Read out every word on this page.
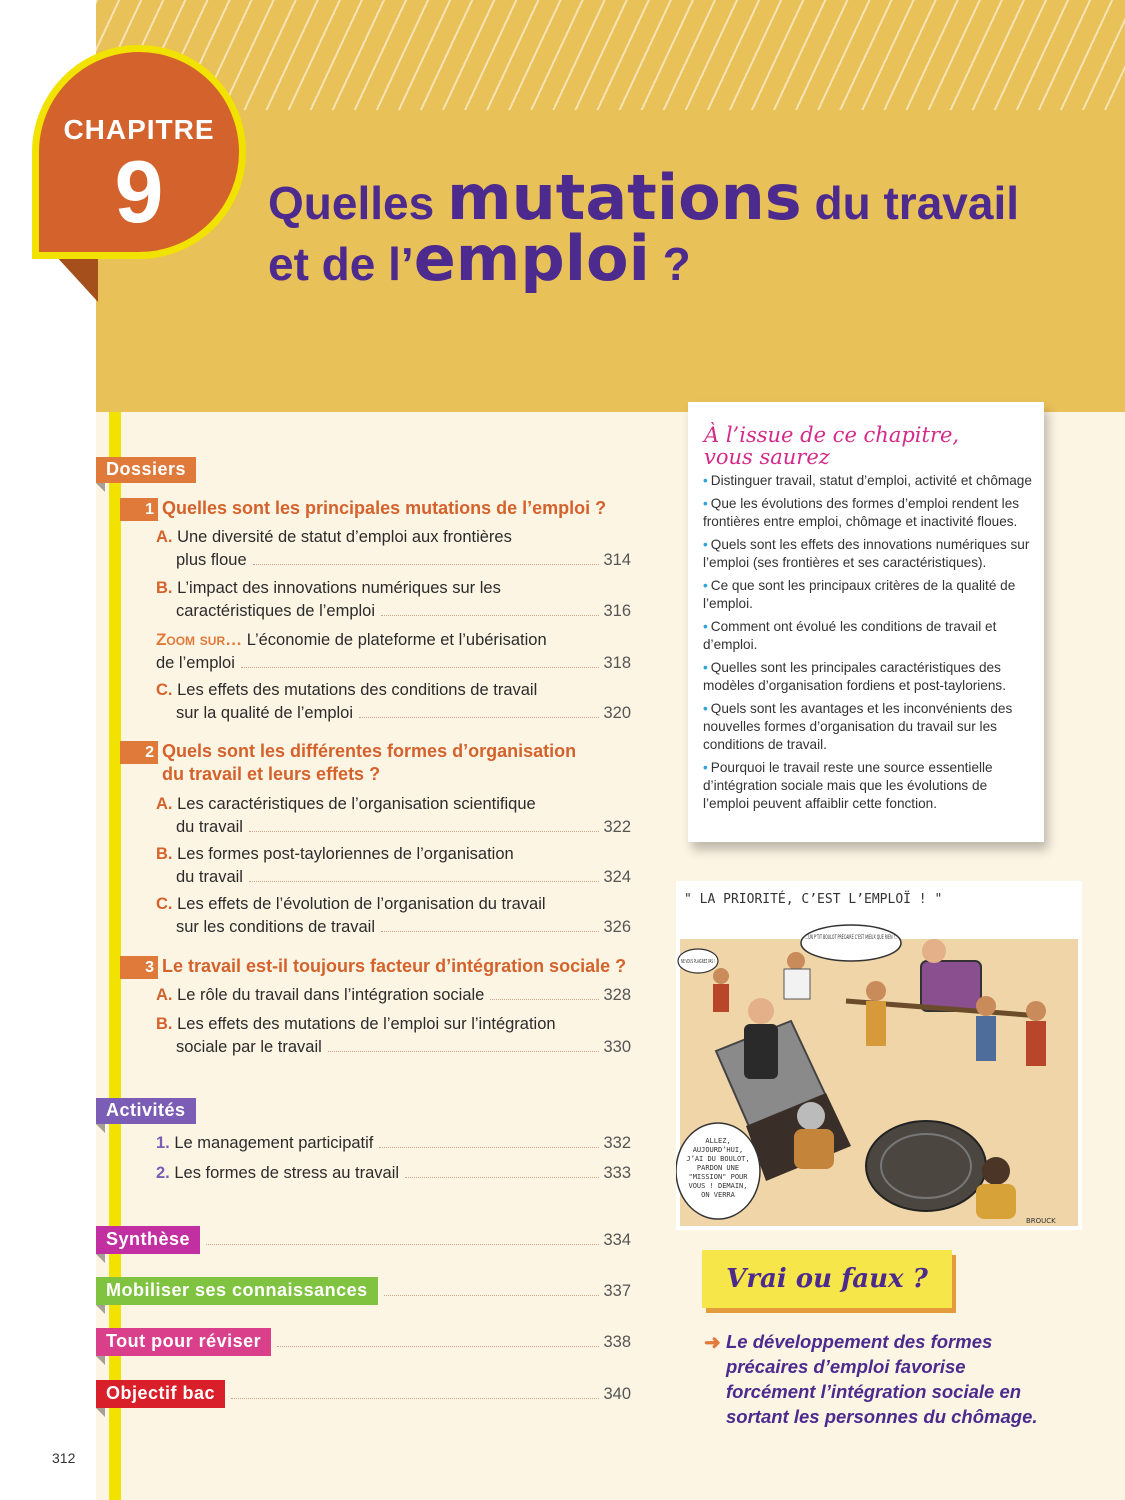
CHAPITRE
9	Quelles mutations du travail
et de l’emploi ?
Dossiers
1 Quelles sont les principales mutations de l’emploi ?
A. Une diversité de statut d’emploi aux frontières
plus floue	314
B. L’impact des innovations numériques sur les
caractéristiques de l’emploi	316
Zoom sur… L’économie de plateforme et l’ubérisation
de l’emploi	318
C. Les effets des mutations des conditions de travail
sur la qualité de l’emploi	320
2 Quels sont les différentes formes d’organisation du travail et leurs effets ?
A. Les caractéristiques de l’organisation scientifique
du travail	322
B. Les formes post-tayloriennes de l’organisation
du travail	324
C. Les effets de l’évolution de l’organisation du travail
sur les conditions de travail	326
3 Le travail est-il toujours facteur d’intégration sociale ?
A.
Le rôle du travail dans l’intégration sociale	328
B. Les effets des mutations de l’emploi sur l’intégration
sociale par le travail	330
Activités
1.
Le management participatif	332
2.
Les formes de stress au travail	333
Synthèse	334
Mobiliser ses connaissances	337
Tout pour réviser	338
Objectif bac	340
À l’issue de ce chapitre,
vous saurez
• Distinguer travail, statut d’emploi, activité et chômage
• Que les évolutions des formes d’emploi rendent les frontières entre emploi, chômage et inactivité floues.
• Quels sont les effets des innovations numériques sur l’emploi (ses frontières et ses caractéristiques).
• Ce que sont les principaux critères de la qualité de l’emploi.
• Comment ont évolué les conditions de travail et d’emploi.
• Quelles sont les principales caractéristiques des modèles d’organisation fordiens et post-tayloriens.
• Quels sont les avantages et les inconvénients des nouvelles formes d’organisation du travail sur les conditions de travail.
• Pourquoi le travail reste une source essentielle d’intégration sociale mais que les évolutions de l’emploi peuvent affaiblir cette fonction.
" LA PRIORITÉ, C’EST L’EMPLOÏ ! "
...UN P’TIT BOULOT PRÉCAIRE C’EST MIEUX QUE RIEN !..
NE VOUS PLAIGNEZ PAS !
ALLEZ, AUJOURD’HUI, J’AI DU BOULOT, PARDON UNE "MISSION" POUR VOUS ! DEMAIN, ON VERRA
BROUCK
Vrai ou faux ?
➜ Le développement des formes précaires d’emploi favorise forcément l’intégration sociale en sortant les personnes du chômage.
312
